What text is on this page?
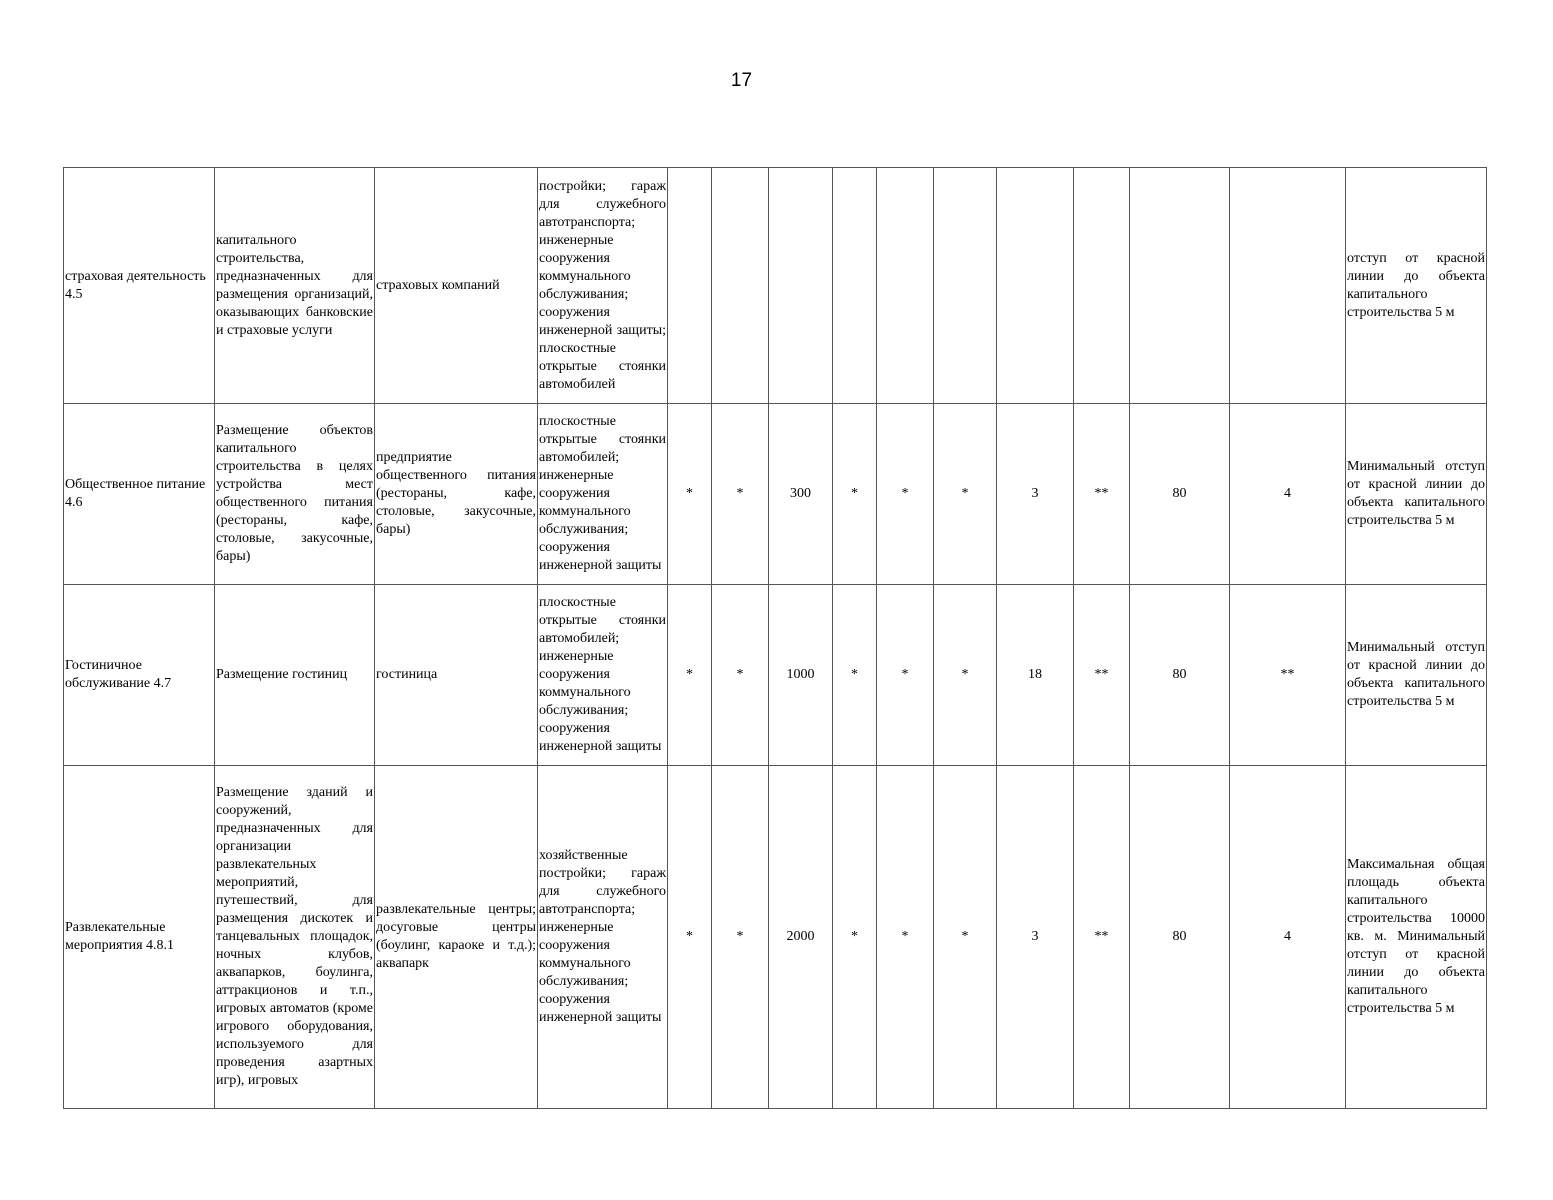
17
страховая деятельность 4.5	капитального строительства, предназначенных для размещения организаций, оказывающих банковские и страховые услуги	страховых компаний	постройки; гараж для служебного автотранспорта; инженерные сооружения коммунального обслуживания; сооружения инженерной защиты; плоскостные открытые стоянки автомобилей											отступ от красной линии до объекта капитального строительства 5 м
Общественное питание 4.6	Размещение объектов капитального строительства в целях устройства мест общественного питания (рестораны, кафе, столовые, закусочные, бары)	предприятие общественного питания (рестораны, кафе, столовые, закусочные, бары)	плоскостные открытые стоянки автомобилей; инженерные сооружения коммунального обслуживания; сооружения инженерной защиты	*	*	300	*	*	*	3	**	80	4	Минимальный отступ от красной линии до объекта капитального строительства 5 м
Гостиничное обслуживание 4.7	Размещение гостиниц	гостиница	плоскостные открытые стоянки автомобилей; инженерные сооружения коммунального обслуживания; сооружения инженерной защиты	*	*	1000	*	*	*	18	**	80	**	Минимальный отступ от красной линии до объекта капитального строительства 5 м
Развлекательные мероприятия 4.8.1	Размещение зданий и сооружений, предназначенных для организации развлекательных мероприятий, путешествий, для размещения дискотек и танцевальных площадок, ночных клубов, аквапарков, боулинга, аттракционов и т.п., игровых автоматов (кроме игрового оборудования, используемого для проведения азартных игр), игровых	развлекательные центры; досуговые центры (боулинг, караоке и т.д.); аквапарк	хозяйственные постройки; гараж для служебного автотранспорта; инженерные сооружения коммунального обслуживания; сооружения инженерной защиты	*	*	2000	*	*	*	3	**	80	4	Максимальная общая площадь объекта капитального строительства 10000 кв. м. Минимальный отступ от красной линии до объекта капитального строительства 5 м
